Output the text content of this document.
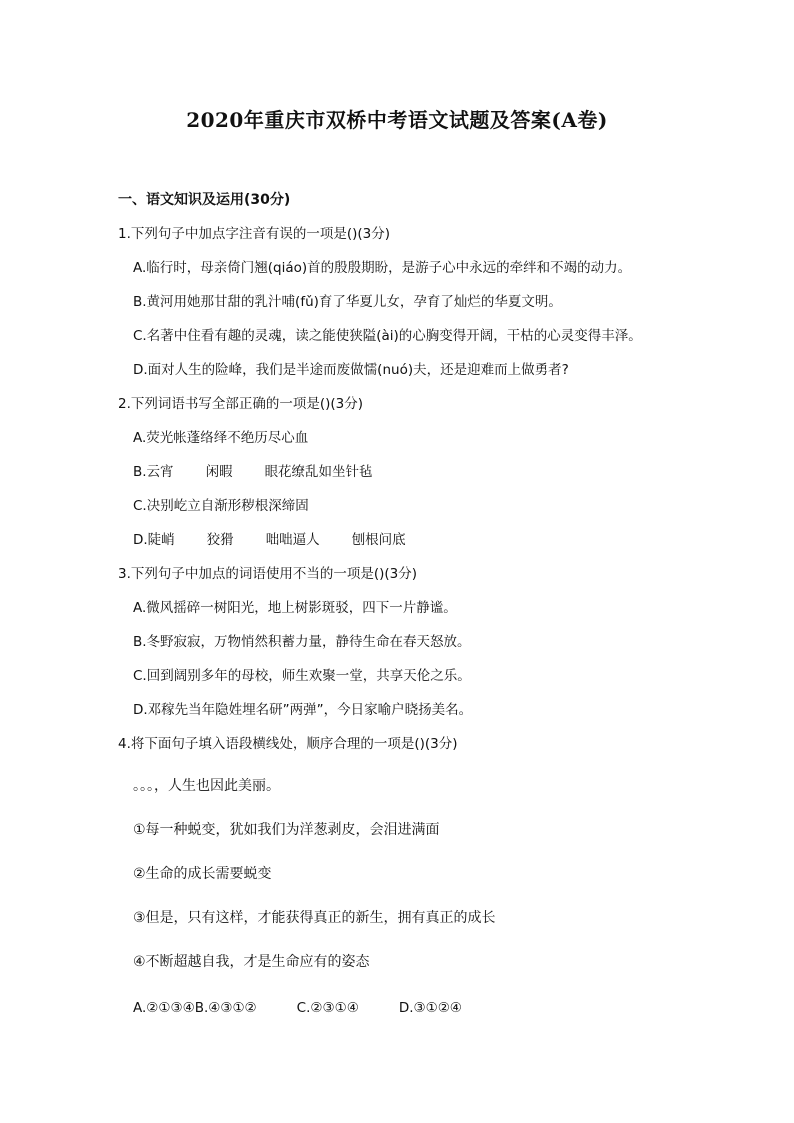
2020年重庆市双桥中考语文试题及答案(A卷)
一、语文知识及运用(30分)
1.下列句子中加点字注音有误的一项是()(3分)
A.临行时，母亲倚门翘(qiáo)首的殷殷期盼，是游子心中永远的牵绊和不竭的动力。
B.黄河用她那甘甜的乳汁哺(fǔ)育了华夏儿女，孕育了灿烂的华夏文明。
C.名著中住看有趣的灵魂，读之能使狭隘(ài)的心胸变得开阔，干枯的心灵变得丰泽。
D.面对人生的险峰，我们是半途而废做懦(nuó)夫，还是迎难而上做勇者?
2.下列词语书写全部正确的一项是()(3分)
A.荧光帐蓬络绎不绝历尽心血
B.云宵 闲暇 眼花缭乱如坐针毡
C.决别屹立自渐形秽根深缔固
D.陡峭 狡猾 咄咄逼人 刨根问底
3.下列句子中加点的词语使用不当的一项是()(3分)
A.微风摇碎一树阳光，地上树影斑驳，四下一片静谧。
B.冬野寂寂，万物悄然积蓄力量，静待生命在春天怒放。
C.回到阔别多年的母校，师生欢聚一堂，共享天伦之乐。
D.邓稼先当年隐姓埋名研”两弹”，今日家喻户晓扬美名。
4.将下面句子填入语段横线处，顺序合理的一项是()(3分)
。。。，人生也因此美丽。
①每一种蜕变，犹如我们为洋葱剥皮，会泪进满面
②生命的成长需要蜕变
③但是，只有这样，才能获得真正的新生，拥有真正的成长
④不断超越自我，才是生命应有的姿态
A.②①③④B.④③①②	C.②③①④	D.③①②④
